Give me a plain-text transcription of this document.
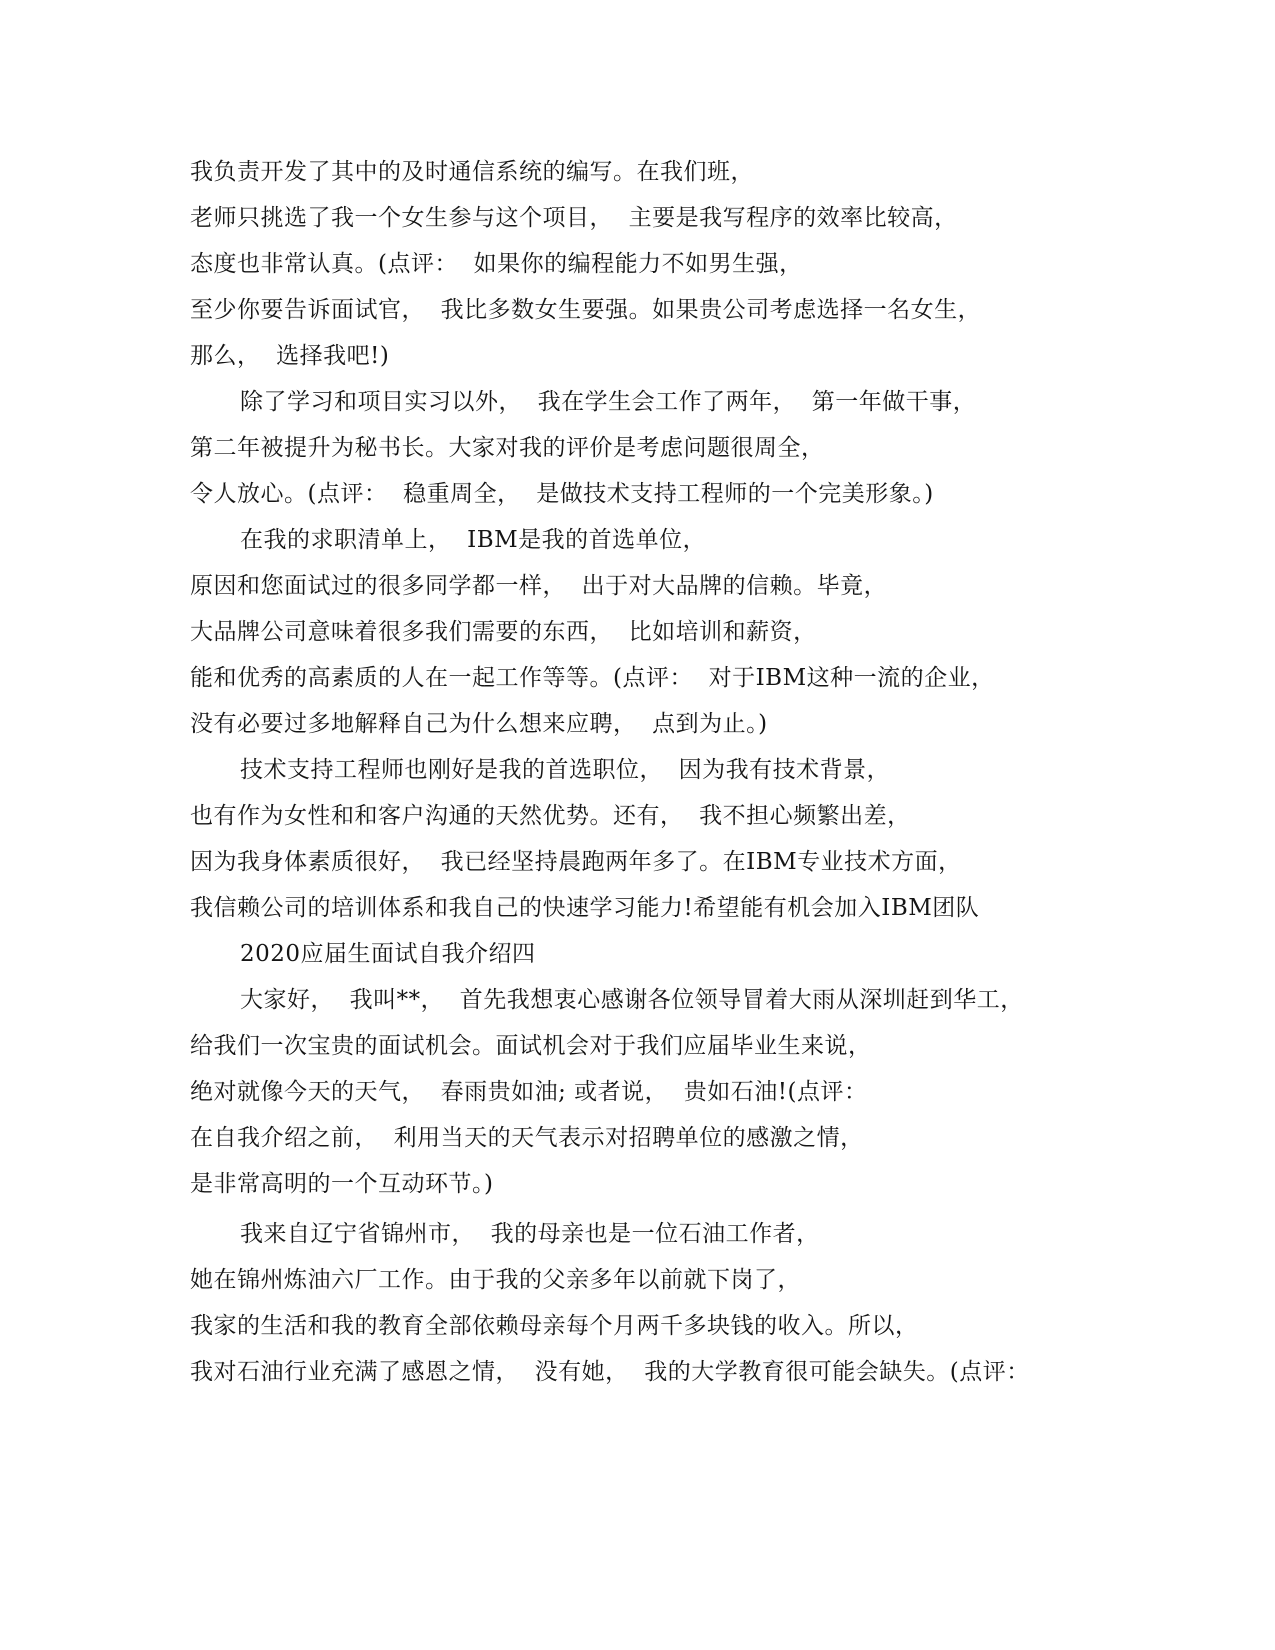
我负责开发了其中的及时通信系统的编写。在我们班，
老师只挑选了我一个女生参与这个项目，  主要是我写程序的效率比较高，
态度也非常认真。(点评：  如果你的编程能力不如男生强，
至少你要告诉面试官，  我比多数女生要强。如果贵公司考虑选择一名女生，
那么，  选择我吧!)
除了学习和项目实习以外，  我在学生会工作了两年，  第一年做干事，
第二年被提升为秘书长。大家对我的评价是考虑问题很周全，
令人放心。(点评：  稳重周全，  是做技术支持工程师的一个完美形象。)
在我的求职清单上，  IBM是我的首选单位，
原因和您面试过的很多同学都一样，  出于对大品牌的信赖。毕竟，
大品牌公司意味着很多我们需要的东西，  比如培训和薪资，
能和优秀的高素质的人在一起工作等等。(点评：  对于IBM这种一流的企业，
没有必要过多地解释自己为什么想来应聘，  点到为止。)
技术支持工程师也刚好是我的首选职位，  因为我有技术背景，
也有作为女性和和客户沟通的天然优势。还有，  我不担心频繁出差，
因为我身体素质很好，  我已经坚持晨跑两年多了。在IBM专业技术方面，
我信赖公司的培训体系和我自己的快速学习能力!希望能有机会加入IBM团队
2020应届生面试自我介绍四
大家好，  我叫**，  首先我想衷心感谢各位领导冒着大雨从深圳赶到华工，
给我们一次宝贵的面试机会。面试机会对于我们应届毕业生来说，
绝对就像今天的天气，  春雨贵如油; 或者说，  贵如石油!(点评：
在自我介绍之前，  利用当天的天气表示对招聘单位的感激之情，
是非常高明的一个互动环节。)
我来自辽宁省锦州市，  我的母亲也是一位石油工作者，
她在锦州炼油六厂工作。由于我的父亲多年以前就下岗了，
我家的生活和我的教育全部依赖母亲每个月两千多块钱的收入。所以，
我对石油行业充满了感恩之情，  没有她，  我的大学教育很可能会缺失。(点评：
